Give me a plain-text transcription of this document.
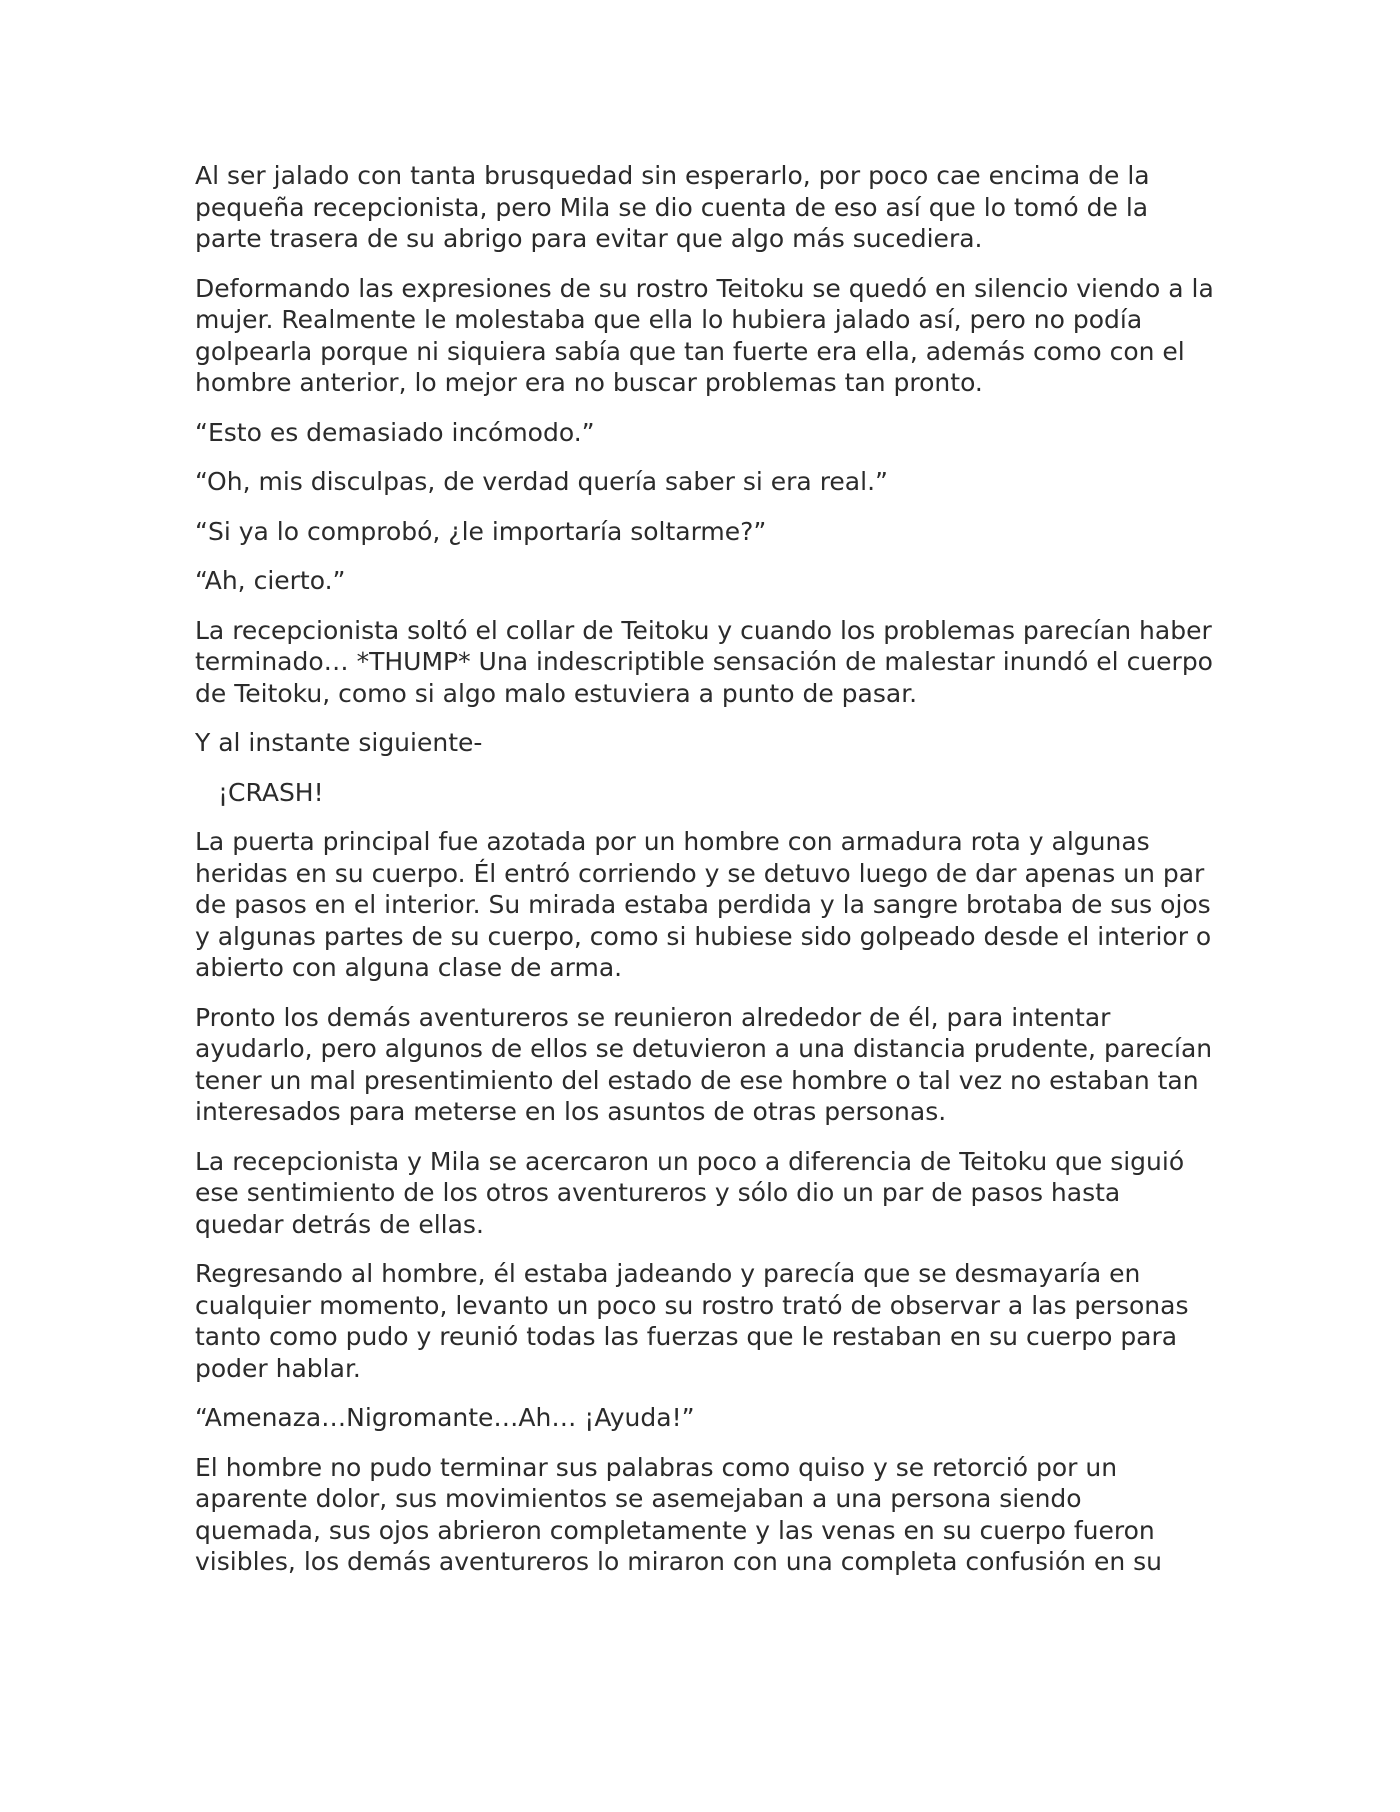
Al ser jalado con tanta brusquedad sin esperarlo, por poco cae encima de la pequeña recepcionista, pero Mila se dio cuenta de eso así que lo tomó de la parte trasera de su abrigo para evitar que algo más sucediera.

Deformando las expresiones de su rostro Teitoku se quedó en silencio viendo a la mujer. Realmente le molestaba que ella lo hubiera jalado así, pero no podía golpearla porque ni siquiera sabía que tan fuerte era ella, además como con el hombre anterior, lo mejor era no buscar problemas tan pronto.

“Esto es demasiado incómodo.”

“Oh, mis disculpas, de verdad quería saber si era real.”

“Si ya lo comprobó, ¿le importaría soltarme?”

“Ah, cierto.”

La recepcionista soltó el collar de Teitoku y cuando los problemas parecían haber terminado… *THUMP* Una indescriptible sensación de malestar inundó el cuerpo de Teitoku, como si algo malo estuviera a punto de pasar.

Y al instante siguiente-

¡CRASH!

La puerta principal fue azotada por un hombre con armadura rota y algunas heridas en su cuerpo. Él entró corriendo y se detuvo luego de dar apenas un par de pasos en el interior. Su mirada estaba perdida y la sangre brotaba de sus ojos y algunas partes de su cuerpo, como si hubiese sido golpeado desde el interior o abierto con alguna clase de arma.

Pronto los demás aventureros se reunieron alrededor de él, para intentar ayudarlo, pero algunos de ellos se detuvieron a una distancia prudente, parecían tener un mal presentimiento del estado de ese hombre o tal vez no estaban tan interesados para meterse en los asuntos de otras personas.

La recepcionista y Mila se acercaron un poco a diferencia de Teitoku que siguió ese sentimiento de los otros aventureros y sólo dio un par de pasos hasta quedar detrás de ellas.

Regresando al hombre, él estaba jadeando y parecía que se desmayaría en cualquier momento, levanto un poco su rostro trató de observar a las personas tanto como pudo y reunió todas las fuerzas que le restaban en su cuerpo para poder hablar.

“Amenaza…Nigromante…Ah… ¡Ayuda!”

El hombre no pudo terminar sus palabras como quiso y se retorció por un aparente dolor, sus movimientos se asemejaban a una persona siendo quemada, sus ojos abrieron completamente y las venas en su cuerpo fueron visibles, los demás aventureros lo miraron con una completa confusión en su
